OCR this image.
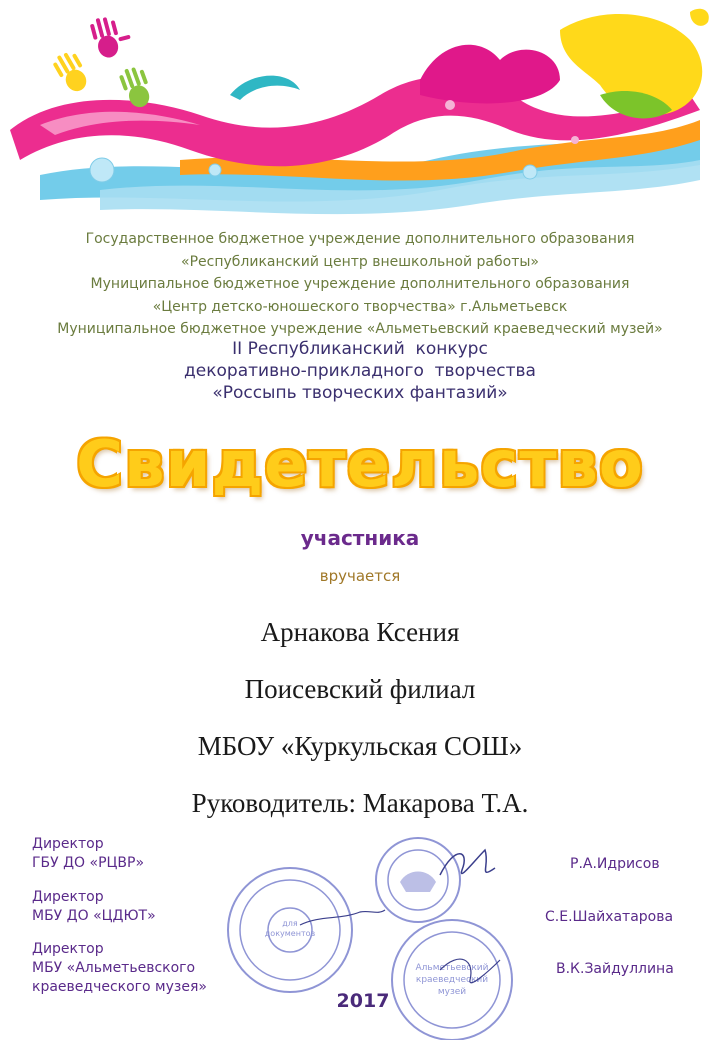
Государственное бюджетное учреждение дополнительного образования
«Республиканский центр внешкольной работы»
Муниципальное бюджетное учреждение дополнительного образования
«Центр детско-юношеского творчества» г.Альметьевск
Муниципальное бюджетное учреждение «Альметьевский краеведческий музей»
II Республиканский  конкурс
декоративно-прикладного  творчества
«Россыпь творческих фантазий»
Свидетельство
участника
вручается
Арнакова Ксения
Поисевский филиал
МБОУ «Куркульская СОШ»
Руководитель: Макарова Т.А.
для
документов
Альметьевский
краеведческий
музей
Директор
ГБУ ДО «РЦВР»	Р.А.Идрисов
Директор
МБУ ДО «ЦДЮТ»	С.Е.Шайхатарова
Директор
МБУ «Альметьевского
краеведческого музея»
В.К.Зайдуллина
2017
